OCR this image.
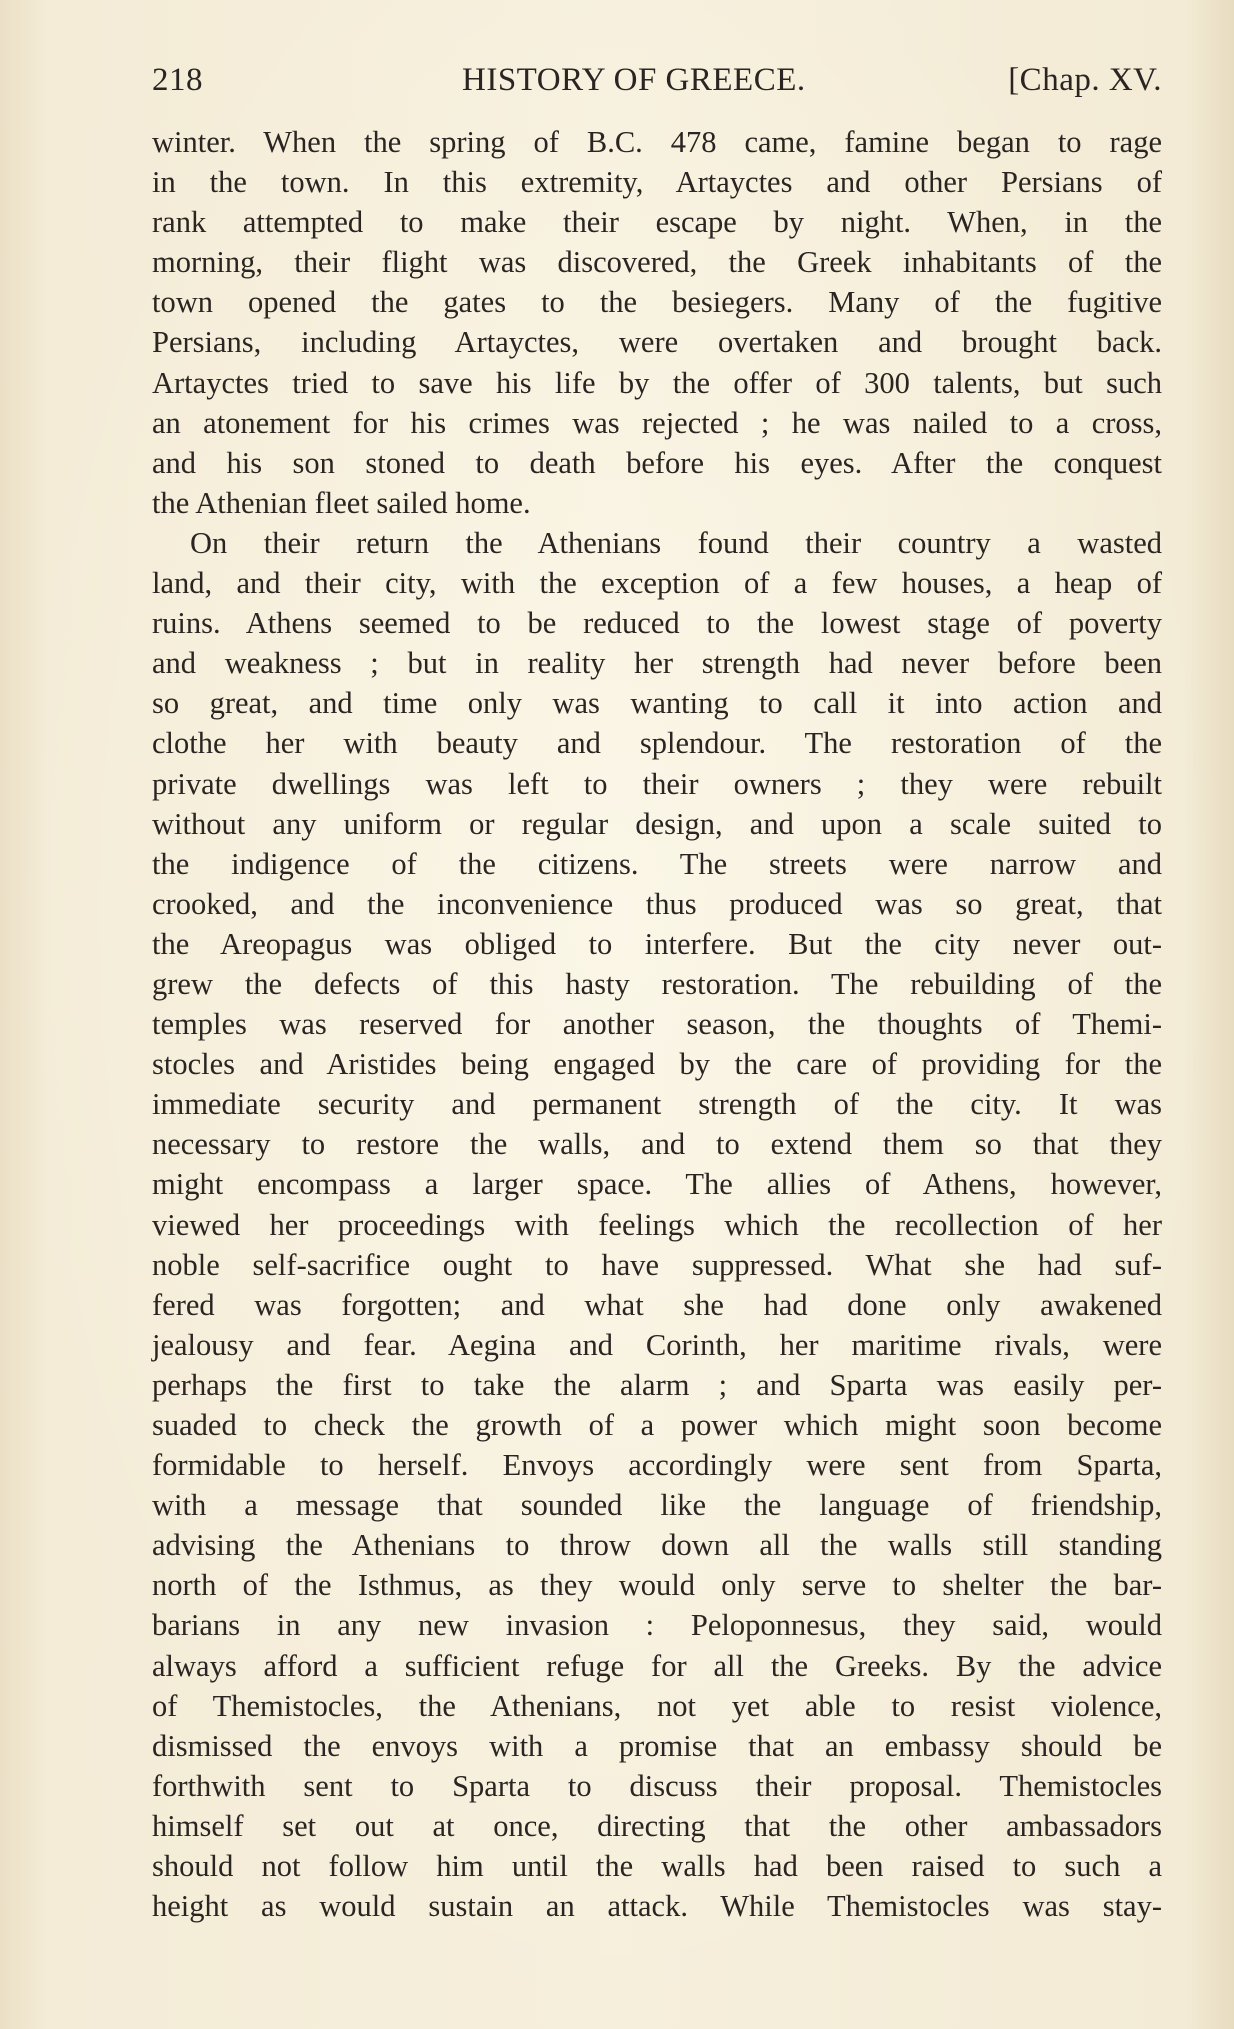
218	HISTORY OF GREECE.	[Chap. XV.
winter. When the spring of B.C. 478 came, famine began to rage
in the town. In this extremity, Artayctes and other Persians of
rank attempted to make their escape by night. When, in the
morning, their flight was discovered, the Greek inhabitants of the
town opened the gates to the besiegers. Many of the fugitive
Persians, including Artayctes, were overtaken and brought back.
Artayctes tried to save his life by the offer of 300 talents, but such
an atonement for his crimes was rejected ; he was nailed to a cross,
and his son stoned to death before his eyes. After the conquest
the Athenian fleet sailed home.
On their return the Athenians found their country a wasted
land, and their city, with the exception of a few houses, a heap of
ruins. Athens seemed to be reduced to the lowest stage of poverty
and weakness ; but in reality her strength had never before been
so great, and time only was wanting to call it into action and
clothe her with beauty and splendour. The restoration of the
private dwellings was left to their owners ; they were rebuilt
without any uniform or regular design, and upon a scale suited to
the indigence of the citizens. The streets were narrow and
crooked, and the inconvenience thus produced was so great, that
the Areopagus was obliged to interfere. But the city never out-
grew the defects of this hasty restoration. The rebuilding of the
temples was reserved for another season, the thoughts of Themi-
stocles and Aristides being engaged by the care of providing for the
immediate security and permanent strength of the city. It was
necessary to restore the walls, and to extend them so that they
might encompass a larger space. The allies of Athens, however,
viewed her proceedings with feelings which the recollection of her
noble self-sacrifice ought to have suppressed. What she had suf-
fered was forgotten; and what she had done only awakened
jealousy and fear. Aegina and Corinth, her maritime rivals, were
perhaps the first to take the alarm ; and Sparta was easily per-
suaded to check the growth of a power which might soon become
formidable to herself. Envoys accordingly were sent from Sparta,
with a message that sounded like the language of friendship,
advising the Athenians to throw down all the walls still standing
north of the Isthmus, as they would only serve to shelter the bar-
barians in any new invasion : Peloponnesus, they said, would
always afford a sufficient refuge for all the Greeks. By the advice
of Themistocles, the Athenians, not yet able to resist violence,
dismissed the envoys with a promise that an embassy should be
forthwith sent to Sparta to discuss their proposal. Themistocles
himself set out at once, directing that the other ambassadors
should not follow him until the walls had been raised to such a
height as would sustain an attack. While Themistocles was stay-
